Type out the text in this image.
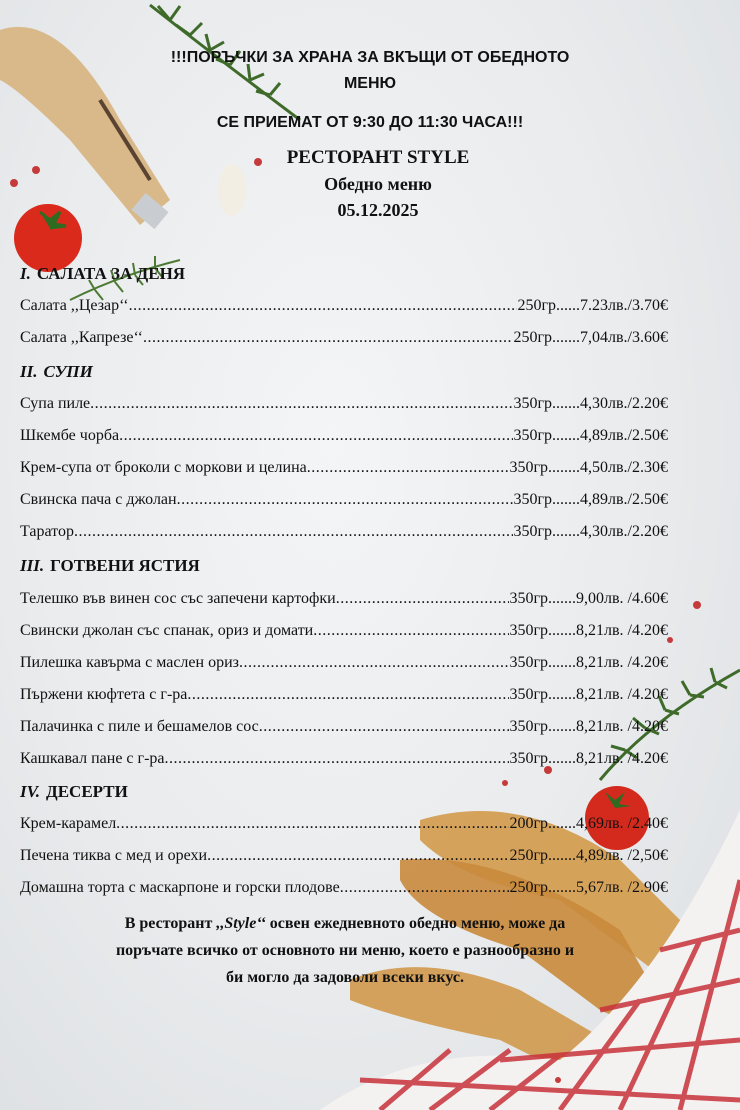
!!!ПОРЪЧКИ ЗА ХРАНА ЗА ВКЪЩИ ОТ ОБЕДНОТО МЕНЮ
СЕ ПРИЕМАТ ОТ 9:30 ДО 11:30 ЧАСА!!!
РЕСТОРАНТ STYLE
Обедно меню
05.12.2025
I. САЛАТА ЗА ДЕНЯ
Салата ,,Цезар‘‘ .....	250гр......7.23лв./3.70€
Салата ,,Капрезе‘‘ .....	250гр.......7,04лв./3.60€
II. СУПИ
Супа пиле .....	350гр.......4,30лв./2.20€
Шкембе чорба .....	350гр.......4,89лв./2.50€
Крем-супа от броколи с моркови и целина .....	350гр........4,50лв./2.30€
Свинска пача с джолан .....	350гр.......4,89лв./2.50€
Таратор .....	350гр.......4,30лв./2.20€
III. ГОТВЕНИ ЯСТИЯ
Телешко във винен сос със запечени картофки .....	350гр.......9,00лв. /4.60€
Свински джолан със спанак, ориз и домати .....	350гр.......8,21лв. /4.20€
Пилешка кавърма с маслен ориз .....	350гр.......8,21лв. /4.20€
Пържени кюфтета с г-ра .....	350гр.......8,21лв. /4.20€
Палачинка с пиле и бешамелов сос .....	350гр.......8,21лв. /4.20€
Кашкавал пане с г-ра .....	350гр.......8,21лв. /4.20€
IV. ДЕСЕРТИ
Крем-карамел .....	200гр.......4,69лв. /2.40€
Печена тиква с мед и орехи .....	250гр.......4,89лв. /2,50€
Домашна торта с маскарпоне и горски плодове .....	250гр.......5,67лв. /2.90€
В ресторант ,,Style‘‘ освен ежедневното обедно меню, може да поръчате всичко от основното ни меню, което е разнообразно и би могло да задоволи всеки вкус.
